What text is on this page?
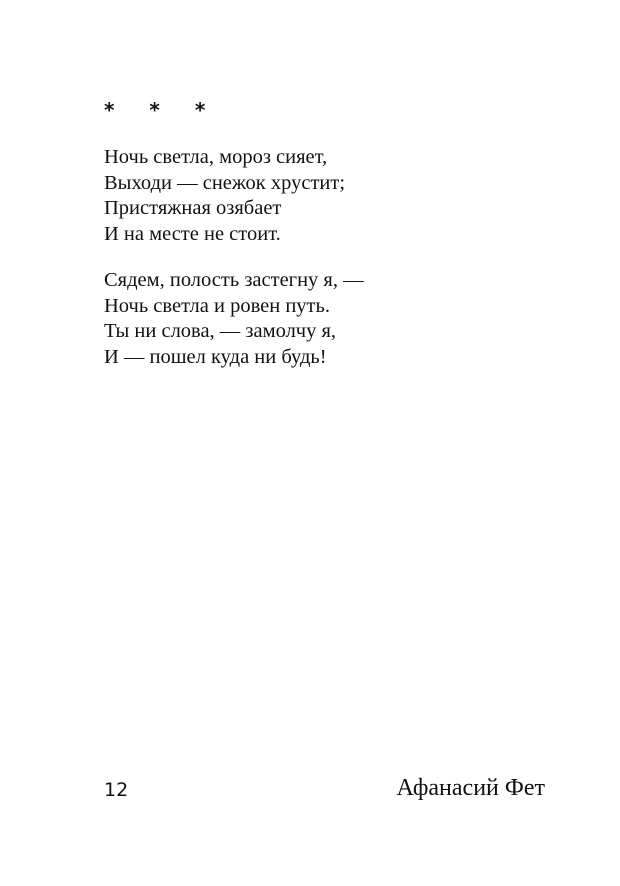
* * *
Ночь светла, мороз сияет,
Выходи — снежок хрустит;
Пристяжная озябает
И на месте не стоит.
Сядем, полость застегну я, —
Ночь светла и ровен путь.
Ты ни слова, — замолчу я,
И — пошел куда ни будь!
12	Афанасий Фет
